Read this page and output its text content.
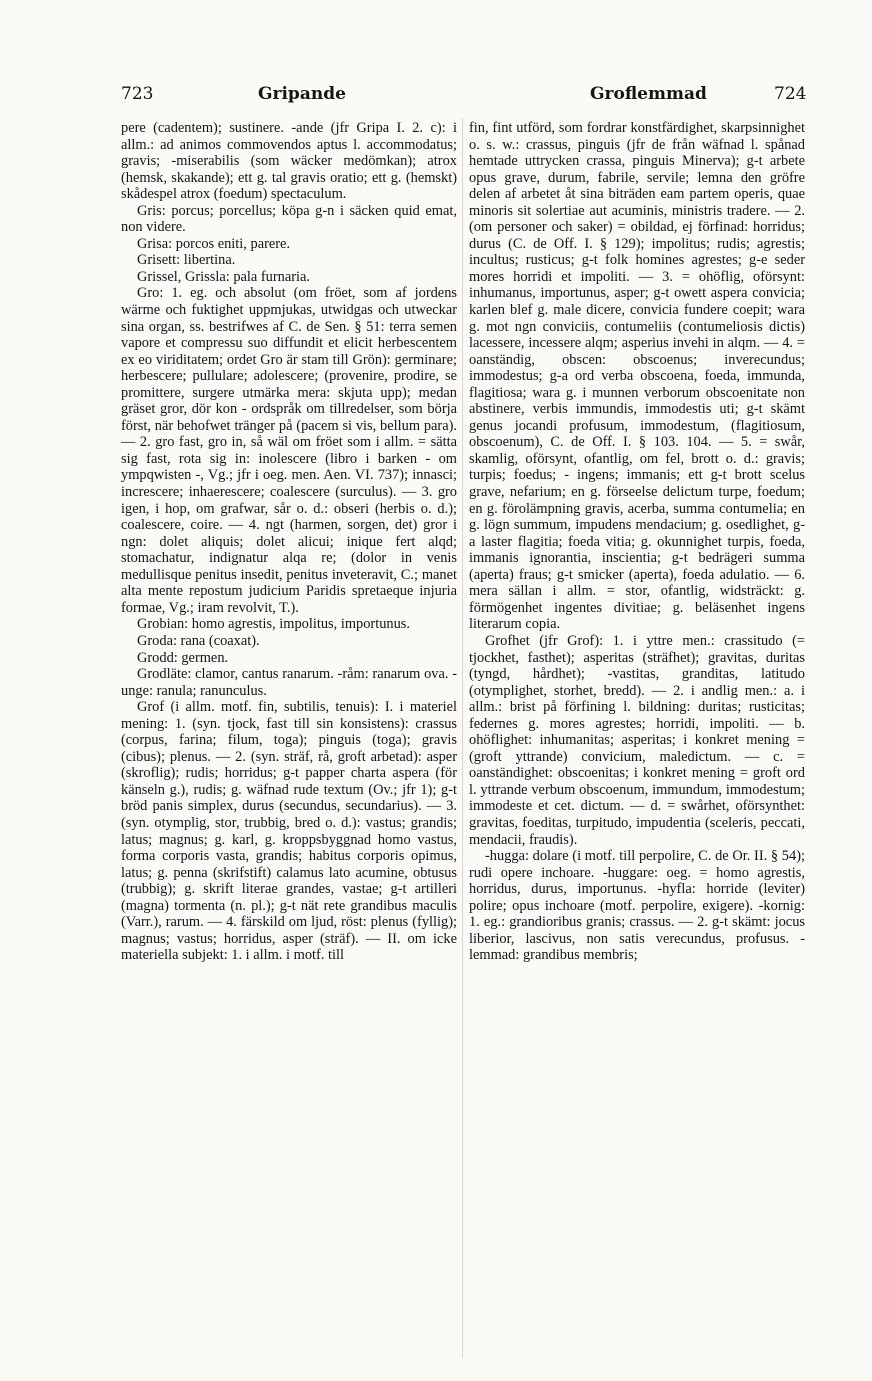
723	Gripande	Groflemmad	724

pere (cadentem); sustinere. -ande (jfr Gripa I. 2. c): i allm.: ad animos commovendos aptus l. accommodatus; gravis; -miserabilis (som wäcker medömkan); atrox (hemsk, skakande); ett g. tal gravis oratio; ett g. (hemskt) skådespel atrox (foedum) spectaculum.

Gris: porcus; porcellus; köpa g-n i säcken quid emat, non videre.

Grisa: porcos eniti, parere.

Grisett: libertina.

Grissel, Grissla: pala furnaria.

Gro: 1. eg. och absolut (om fröet, som af jordens wärme och fuktighet uppmjukas, utwidgas och utweckar sina organ, ss. bestrifwes af C. de Sen. § 51: terra semen vapore et compressu suo diffundit et elicit herbescentem ex eo viriditatem; ordet Gro är stam till Grön): germinare; herbescere; pullulare; adolescere; (provenire, prodire, se promittere, surgere utmärka mera: skjuta upp); medan gräset gror, dör kon - ordspråk om tillredelser, som börja först, när behofwet tränger på (pacem si vis, bellum para). — 2. gro fast, gro in, så wäl om fröet som i allm. = sätta sig fast, rota sig in: inolescere (libro i barken - om ympqwisten -, Vg.; jfr i oeg. men. Aen. VI. 737); innasci; increscere; inhaerescere; coalescere (surculus). — 3. gro igen, i hop, om grafwar, sår o. d.: obseri (herbis o. d.); coalescere, coire. — 4. ngt (harmen, sorgen, det) gror i ngn: dolet aliquis; dolet alicui; inique fert alqd; stomachatur, indignatur alqa re; (dolor in venis medullisque penitus insedit, penitus inveteravit, C.; manet alta mente repostum judicium Paridis spretaeque injuria formae, Vg.; iram revolvit, T.).

Grobian: homo agrestis, impolitus, importunus.

Groda: rana (coaxat).

Grodd: germen.

Grodläte: clamor, cantus ranarum. -råm: ranarum ova. -unge: ranula; ranunculus.

Grof (i allm. motf. fin, subtilis, tenuis): I. i materiel mening: 1. (syn. tjock, fast till sin konsistens): crassus (corpus, farina; filum, toga); pinguis (toga); gravis (cibus); plenus. — 2. (syn. sträf, rå, groft arbetad): asper (skroflig); rudis; horridus; g-t papper charta aspera (för känseln g.), rudis; g. wäfnad rude textum (Ov.; jfr 1); g-t bröd panis simplex, durus (secundus, secundarius). — 3. (syn. otymplig, stor, trubbig, bred o. d.): vastus; grandis; latus; magnus; g. karl, g. kroppsbyggnad homo vastus, forma corporis vasta, grandis; habitus corporis opimus, latus; g. penna (skrifstift) calamus lato acumine, obtusus (trubbig); g. skrift literae grandes, vastae; g-t artilleri (magna) tormenta (n. pl.); g-t nät rete grandibus maculis (Varr.), rarum. — 4. färskild om ljud, röst: plenus (fyllig); magnus; vastus; horridus, asper (sträf). — II. om icke materiella subjekt: 1. i allm. i motf. till

fin, fint utförd, som fordrar konstfärdighet, skarpsinnighet o. s. w.: crassus, pinguis (jfr de från wäfnad l. spånad hemtade uttrycken crassa, pinguis Minerva); g-t arbete opus grave, durum, fabrile, servile; lemna den gröfre delen af arbetet åt sina biträden eam partem operis, quae minoris sit solertiae aut acuminis, ministris tradere. — 2. (om personer och saker) = obildad, ej förfinad: horridus; durus (C. de Off. I. § 129); impolitus; rudis; agrestis; incultus; rusticus; g-t folk homines agrestes; g-e seder mores horridi et impoliti. — 3. = ohöflig, oförsynt: inhumanus, importunus, asper; g-t owett aspera convicia; karlen blef g. male dicere, convicia fundere coepit; wara g. mot ngn conviciis, contumeliis (contumeliosis dictis) lacessere, incessere alqm; asperius invehi in alqm. — 4. = oanständig, obscen: obscoenus; inverecundus; immodestus; g-a ord verba obscoena, foeda, immunda, flagitiosa; wara g. i munnen verborum obscoenitate non abstinere, verbis immundis, immodestis uti; g-t skämt genus jocandi profusum, immodestum, (flagitiosum, obscoenum), C. de Off. I. § 103. 104. — 5. = swår, skamlig, oförsynt, ofantlig, om fel, brott o. d.: gravis; turpis; foedus; - ingens; immanis; ett g-t brott scelus grave, nefarium; en g. förseelse delictum turpe, foedum; en g. förolämpning gravis, acerba, summa contumelia; en g. lögn summum, impudens mendacium; g. osedlighet, g-a laster flagitia; foeda vitia; g. okunnighet turpis, foeda, immanis ignorantia, inscientia; g-t bedrägeri summa (aperta) fraus; g-t smicker (aperta), foeda adulatio. — 6. mera sällan i allm. = stor, ofantlig, widsträckt: g. förmögenhet ingentes divitiae; g. beläsenhet ingens literarum copia.

Grofhet (jfr Grof): 1. i yttre men.: crassitudo (= tjockhet, fasthet); asperitas (sträfhet); gravitas, duritas (tyngd, hårdhet); -vastitas, granditas, latitudo (otymplighet, storhet, bredd). — 2. i andlig men.: a. i allm.: brist på förfining l. bildning: duritas; rusticitas; federnes g. mores agrestes; horridi, impoliti. — b. ohöflighet: inhumanitas; asperitas; i konkret mening = (groft yttrande) convicium, maledictum. — c. = oanständighet: obscoenitas; i konkret mening = groft ord l. yttrande verbum obscoenum, immundum, immodestum; immodeste et cet. dictum. — d. = swårhet, oförsynthet: gravitas, foeditas, turpitudo, impudentia (sceleris, peccati, mendacii, fraudis).

-hugga: dolare (i motf. till perpolire, C. de Or. II. § 54); rudi opere inchoare. -huggare: oeg. = homo agrestis, horridus, durus, importunus. -hyfla: horride (leviter) polire; opus inchoare (motf. perpolire, exigere). -kornig: 1. eg.: grandioribus granis; crassus. — 2. g-t skämt: jocus liberior, lascivus, non satis verecundus, profusus. -lemmad: grandibus membris;
